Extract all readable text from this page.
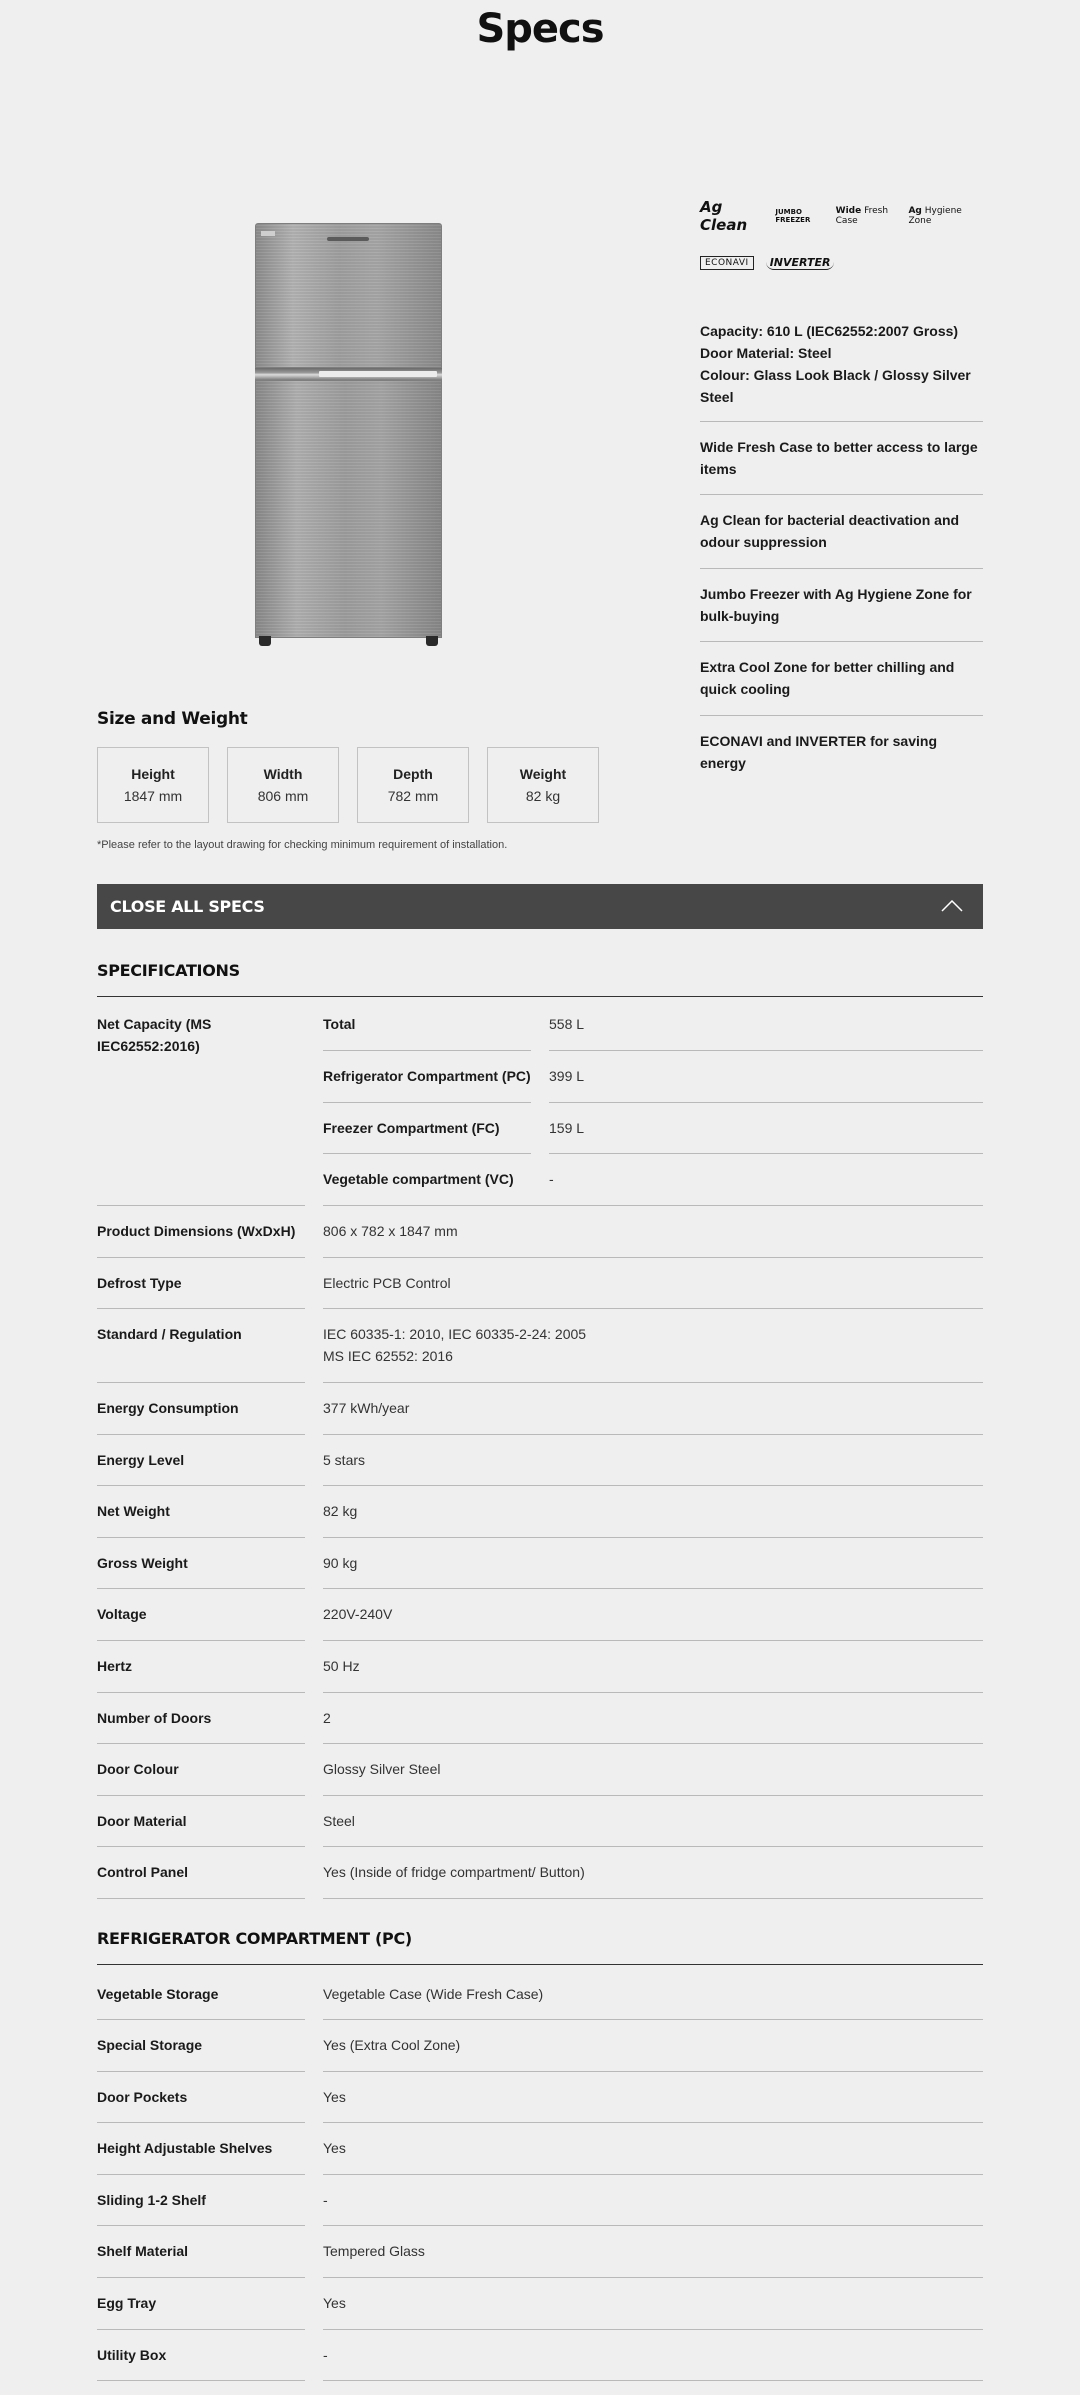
Specs
Ag Clean
JUMBO FREEZER
Wide Fresh Case
Ag Hygiene Zone
ECONAVI	INVERTER
Capacity: 610 L (IEC62552:2007 Gross)
Door Material: Steel
Colour: Glass Look Black / Glossy Silver Steel
Wide Fresh Case to better access to large items
Ag Clean for bacterial deactivation and odour suppression
Jumbo Freezer with Ag Hygiene Zone for bulk-buying
Extra Cool Zone for better chilling and quick cooling
ECONAVI and INVERTER for saving energy
Size and Weight
Height
1847 mm
Width
806 mm
Depth
782 mm
Weight
82 kg
*Please refer to the layout drawing for checking minimum requirement of installation.
CLOSE ALL SPECS
SPECIFICATIONS
Net Capacity (MS IEC62552:2016)
Total	558 L
Refrigerator Compartment (PC) 399 L
Freezer Compartment (FC)	159 L
Vegetable compartment (VC)	-
Product Dimensions (WxDxH)	806 x 782 x 1847 mm
Defrost Type	Electric PCB Control
Standard / Regulation	IEC 60335-1: 2010, IEC 60335-2-24: 2005
MS IEC 62552: 2016
Energy Consumption	377 kWh/year
Energy Level	5 stars
Net Weight	82 kg
Gross Weight	90 kg
Voltage	220V-240V
Hertz	50 Hz
Number of Doors	2
Door Colour	Glossy Silver Steel
Door Material	Steel
Control Panel	Yes (Inside of fridge compartment/ Button)
REFRIGERATOR COMPARTMENT (PC)
Vegetable Storage	Vegetable Case (Wide Fresh Case)
Special Storage	Yes (Extra Cool Zone)
Door Pockets	Yes
Height Adjustable Shelves	Yes
Sliding 1-2 Shelf	-
Shelf Material	Tempered Glass
Egg Tray	Yes
Utility Box	-
